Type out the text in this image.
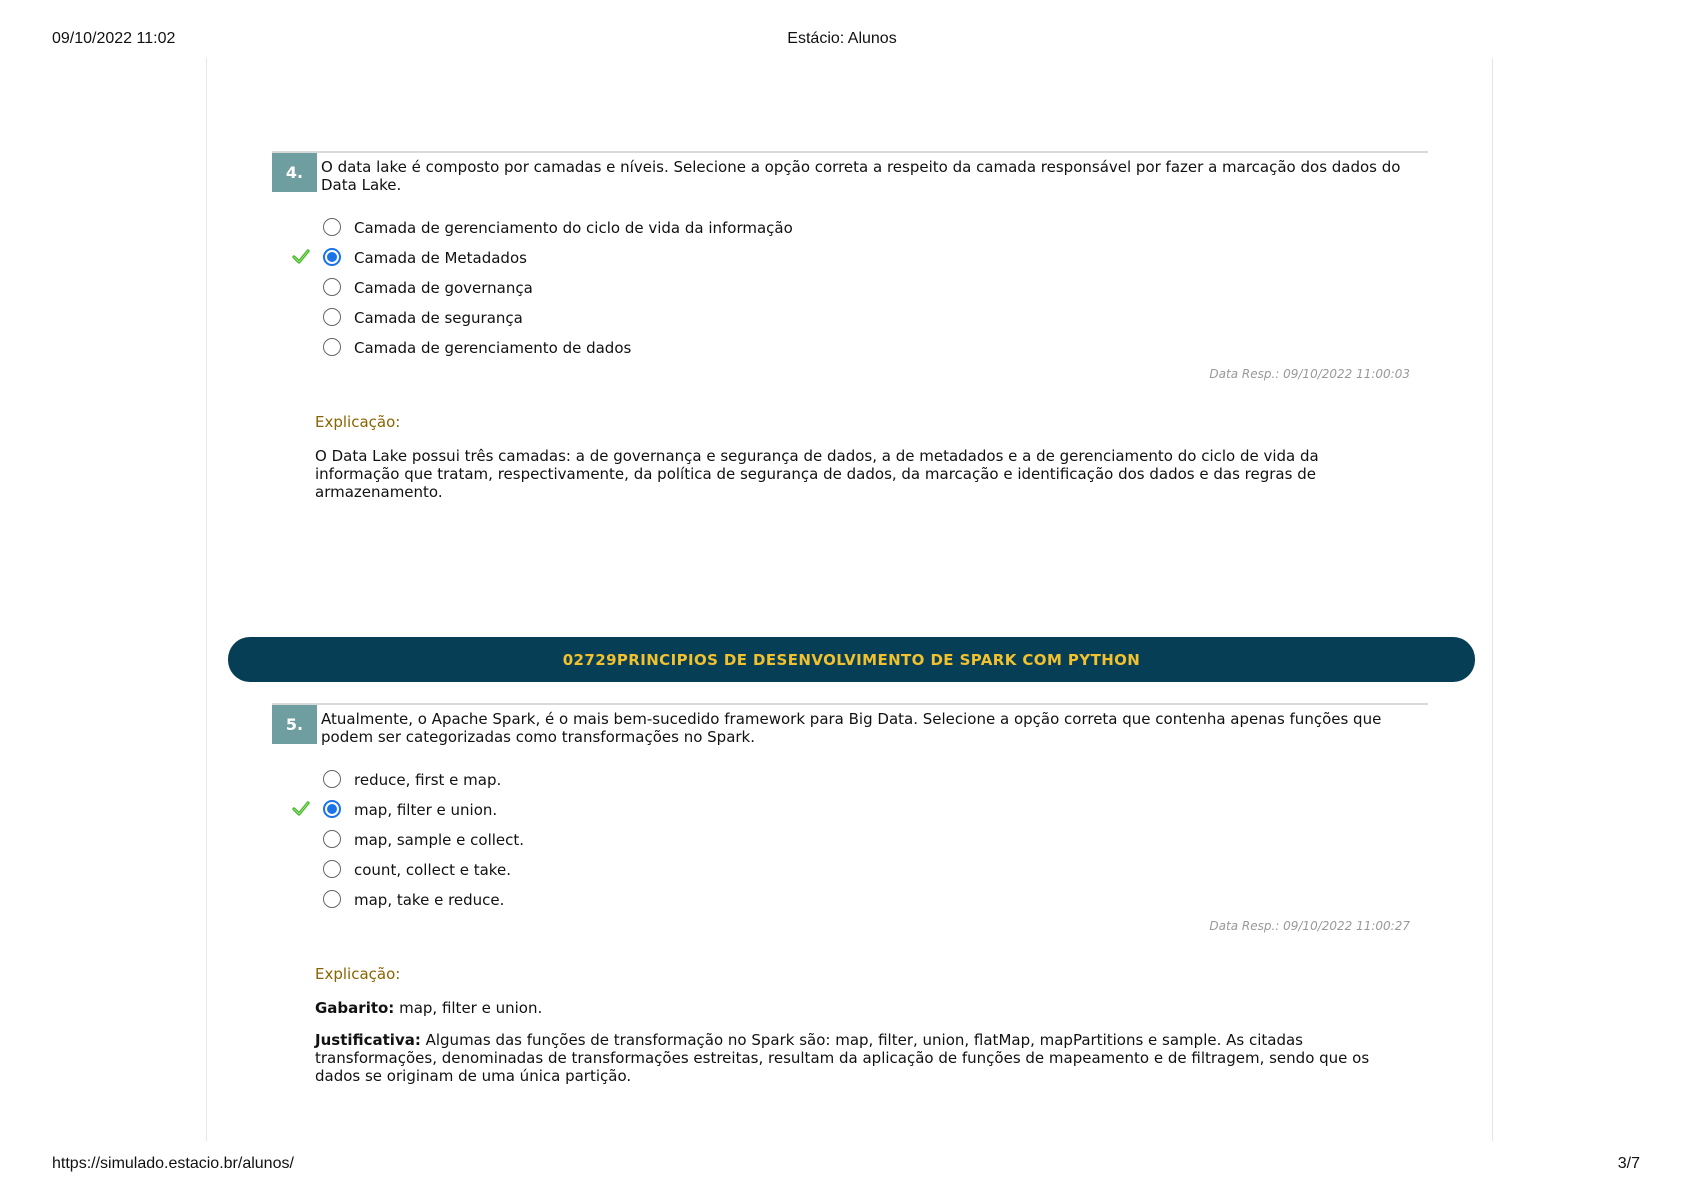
09/10/2022 11:02	Estácio: Alunos
4.	O data lake é composto por camadas e níveis. Selecione a opção correta a respeito da camada responsável por fazer a marcação dos dados do Data Lake.
Camada de gerenciamento do ciclo de vida da informação
Camada de Metadados
Camada de governança
Camada de segurança
Camada de gerenciamento de dados
Data Resp.: 09/10/2022 11:00:03
Explicação:

O Data Lake possui três camadas: a de governança e segurança de dados, a de metadados e a de gerenciamento do ciclo de vida da informação que tratam, respectivamente, da política de segurança de dados, da marcação e identificação dos dados e das regras de armazenamento.

02729PRINCIPIOS DE DESENVOLVIMENTO DE SPARK COM PYTHON
5.	Atualmente, o Apache Spark, é o mais bem-sucedido framework para Big Data. Selecione a opção correta que contenha apenas funções que podem ser categorizadas como transformações no Spark.
reduce, first e map.
map, filter e union.
map, sample e collect.
count, collect e take.
map, take e reduce.
Data Resp.: 09/10/2022 11:00:27
Explicação:

Gabarito: map, filter e union.

Justificativa: Algumas das funções de transformação no Spark são: map, filter, union, flatMap, mapPartitions e sample. As citadas transformações, denominadas de transformações estreitas, resultam da aplicação de funções de mapeamento e de filtragem, sendo que os dados se originam de uma única partição.

https://simulado.estacio.br/alunos/	3/7
